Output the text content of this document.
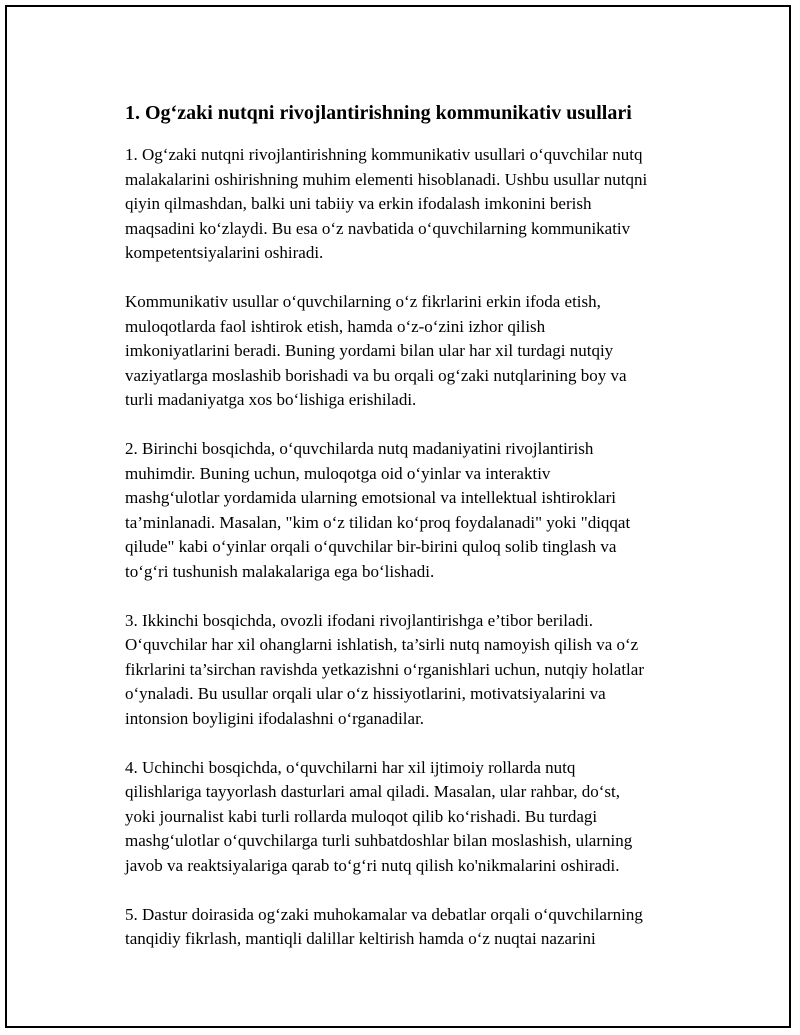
1. Og‘zaki nutqni rivojlantirishning kommunikativ usullari

1. Og‘zaki nutqni rivojlantirishning kommunikativ usullari o‘quvchilar nutq
malakalarini oshirishning muhim elementi hisoblanadi. Ushbu usullar nutqni
qiyin qilmashdan, balki uni tabiiy va erkin ifodalash imkonini berish
maqsadini ko‘zlaydi. Bu esa o‘z navbatida o‘quvchilarning kommunikativ
kompetentsiyalarini oshiradi.

Kommunikativ usullar o‘quvchilarning o‘z fikrlarini erkin ifoda etish,
muloqotlarda faol ishtirok etish, hamda o‘z-o‘zini izhor qilish
imkoniyatlarini beradi. Buning yordami bilan ular har xil turdagi nutqiy
vaziyatlarga moslashib borishadi va bu orqali og‘zaki nutqlarining boy va
turli madaniyatga xos bo‘lishiga erishiladi.

2. Birinchi bosqichda, o‘quvchilarda nutq madaniyatini rivojlantirish
muhimdir. Buning uchun, muloqotga oid o‘yinlar va interaktiv
mashg‘ulotlar yordamida ularning emotsional va intellektual ishtiroklari
ta’minlanadi. Masalan, "kim o‘z tilidan ko‘proq foydalanadi" yoki "diqqat
qilude" kabi o‘yinlar orqali o‘quvchilar bir-birini quloq solib tinglash va
to‘g‘ri tushunish malakalariga ega bo‘lishadi.

3. Ikkinchi bosqichda, ovozli ifodani rivojlantirishga e’tibor beriladi.
O‘quvchilar har xil ohanglarni ishlatish, ta’sirli nutq namoyish qilish va o‘z
fikrlarini ta’sirchan ravishda yetkazishni o‘rganishlari uchun, nutqiy holatlar
o‘ynaladi. Bu usullar orqali ular o‘z hissiyotlarini, motivatsiyalarini va
intonsion boyligini ifodalashni o‘rganadilar.

4. Uchinchi bosqichda, o‘quvchilarni har xil ijtimoiy rollarda nutq
qilishlariga tayyorlash dasturlari amal qiladi. Masalan, ular rahbar, do‘st,
yoki journalist kabi turli rollarda muloqot qilib ko‘rishadi. Bu turdagi
mashg‘ulotlar o‘quvchilarga turli suhbatdoshlar bilan moslashish, ularning
javob va reaktsiyalariga qarab to‘g‘ri nutq qilish ko'nikmalarini oshiradi.

5. Dastur doirasida og‘zaki muhokamalar va debatlar orqali o‘quvchilarning
tanqidiy fikrlash, mantiqli dalillar keltirish hamda o‘z nuqtai nazarini
